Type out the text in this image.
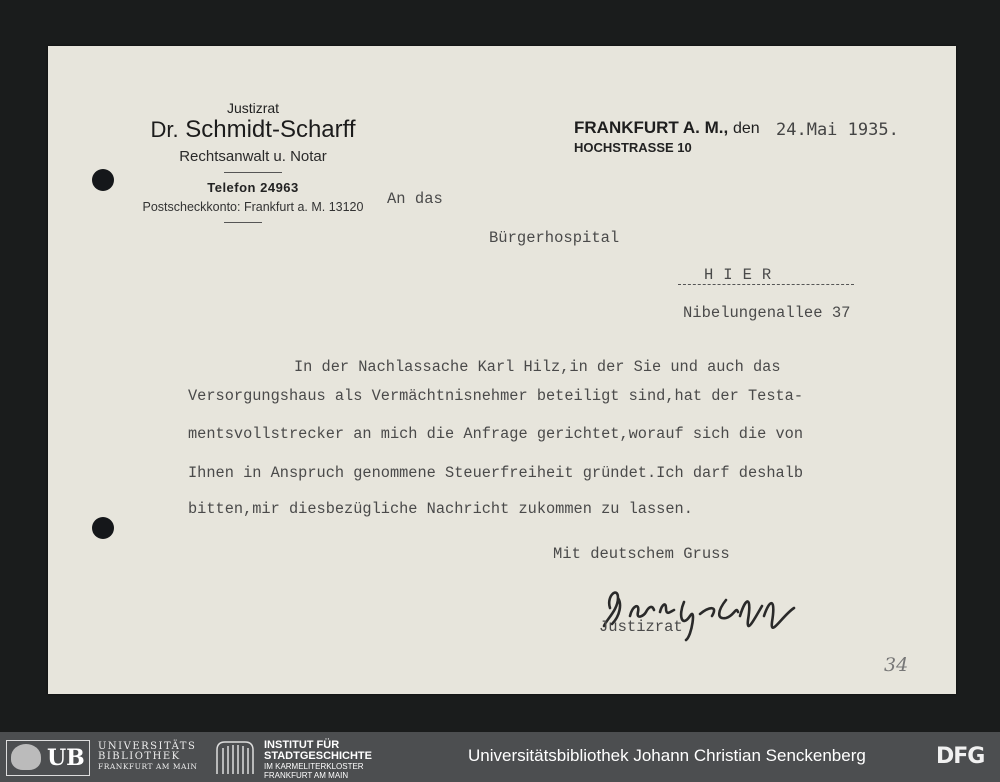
Justizrat
Dr. Schmidt-Scharff
Rechtsanwalt u. Notar
Telefon 24963
Postscheckkonto: Frankfurt a. M. 13120
FRANKFURT A. M., den 24.Mai 1935.
HOCHSTRASSE 10
An das
Bürgerhospital
HIER
Nibelungenallee 37
In der Nachlassache Karl Hilz,in der Sie und auch das
Versorgungshaus als Vermächtnisnehmer beteiligt sind,hat der Testa-
mentsvollstrecker an mich die Anfrage gerichtet,worauf sich die von
Ihnen in Anspruch genommene Steuerfreiheit gründet.Ich darf deshalb
bitten,mir diesbezügliche Nachricht zukommen zu lassen.
Mit deutschem Gruss
Justizrat
34
UB UNIVERSITÄTS
BIBLIOTHEK
FRANKFURT AM MAIN
INSTITUT FÜR
STADTGESCHICHTE
IM KARMELITERKLOSTER
FRANKFURT AM MAIN
Universitätsbibliothek Johann Christian Senckenberg	DFG
